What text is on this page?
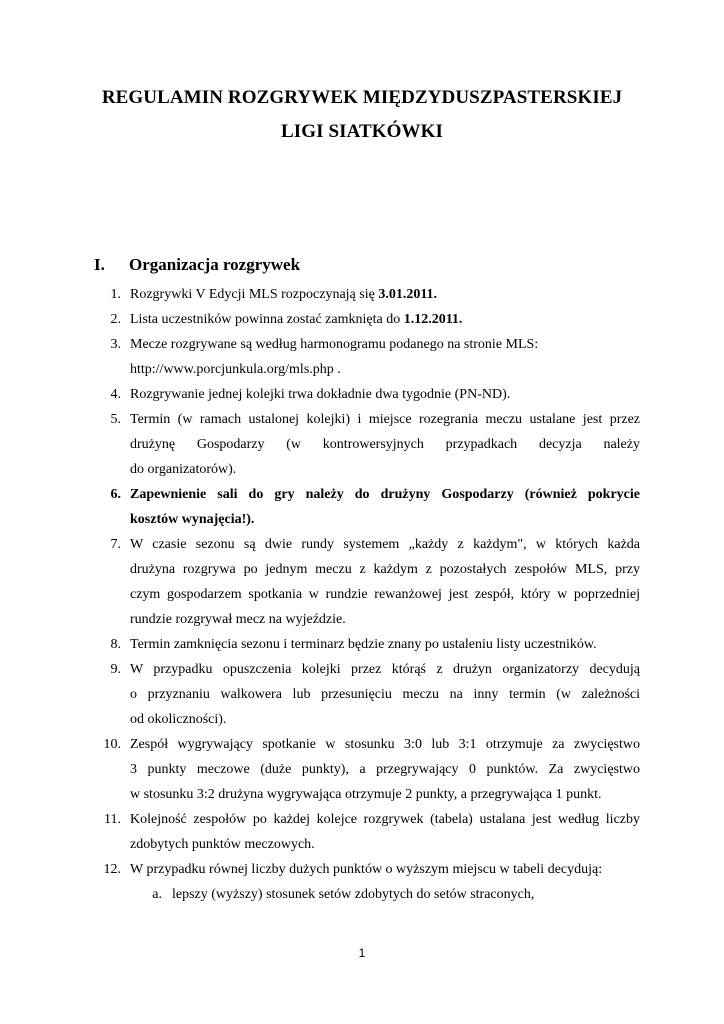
REGULAMIN ROZGRYWEK MIĘDZYDUSZPASTERSKIEJ
LIGI SIATKÓWKI
I. Organizacja rozgrywek
1. Rozgrywki V Edycji MLS rozpoczynają się 3.01.2011.
2. Lista uczestników powinna zostać zamknięta do 1.12.2011.
3. Mecze rozgrywane są według harmonogramu podanego na stronie MLS:
http://www.porcjunkula.org/mls.php .
4. Rozgrywanie jednej kolejki trwa dokładnie dwa tygodnie (PN-ND).
5. Termin (w ramach ustalonej kolejki) i miejsce rozegrania meczu ustalane jest przez
drużynę Gospodarzy (w kontrowersyjnych przypadkach decyzja należy
do organizatorów).
6. Zapewnienie sali do gry należy do drużyny Gospodarzy (również pokrycie
kosztów wynajęcia!).
7. W czasie sezonu są dwie rundy systemem „każdy z każdym", w których każda
drużyna rozgrywa po jednym meczu z każdym z pozostałych zespołów MLS, przy
czym gospodarzem spotkania w rundzie rewanżowej jest zespół, który w poprzedniej
rundzie rozgrywał mecz na wyjeździe.
8. Termin zamknięcia sezonu i terminarz będzie znany po ustaleniu listy uczestników.
9. W przypadku opuszczenia kolejki przez którąś z drużyn organizatorzy decydują
o przyznaniu walkowera lub przesunięciu meczu na inny termin (w zależności
od okoliczności).
10. Zespół wygrywający spotkanie w stosunku 3:0 lub 3:1 otrzymuje za zwycięstwo
3 punkty meczowe (duże punkty), a przegrywający 0 punktów. Za zwycięstwo
w stosunku 3:2 drużyna wygrywająca otrzymuje 2 punkty, a przegrywająca 1 punkt.
11. Kolejność zespołów po każdej kolejce rozgrywek (tabela) ustalana jest według liczby
zdobytych punktów meczowych.
12. W przypadku równej liczby dużych punktów o wyższym miejscu w tabeli decydują:
a. lepszy (wyższy) stosunek setów zdobytych do setów straconych,
1
